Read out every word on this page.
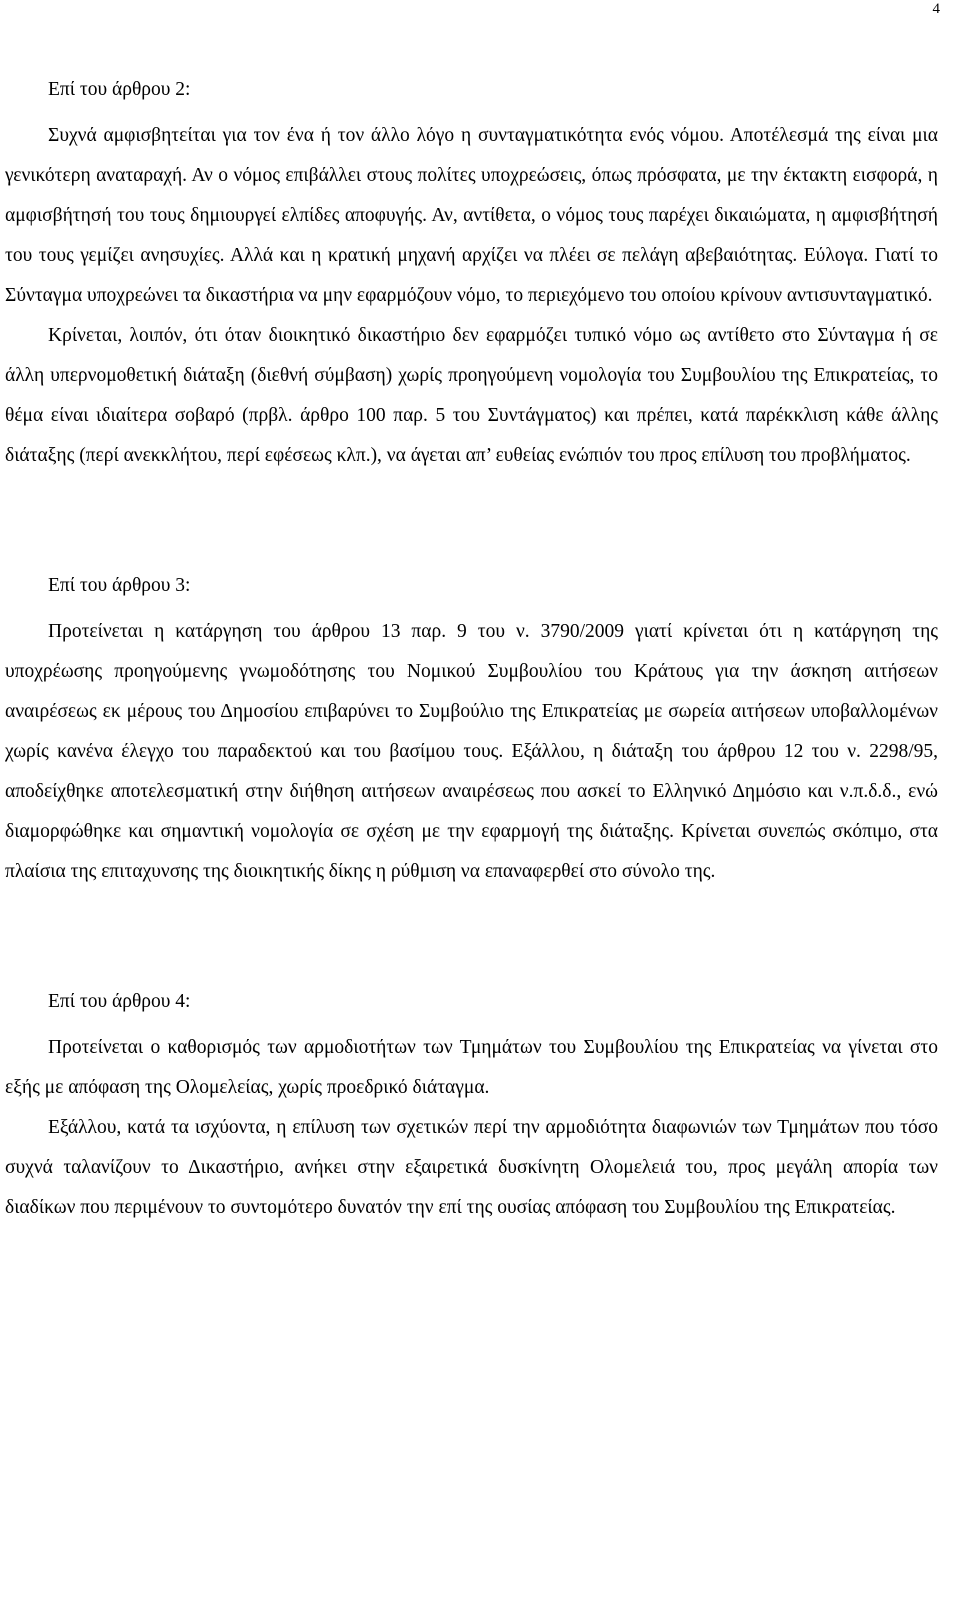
4

Επί του άρθρου 2:

Συχνά αμφισβητείται για τον ένα ή τον άλλο λόγο η συνταγματικότητα ενός νόμου. Αποτέλεσμά της είναι μια γενικότερη αναταραχή. Αν ο νόμος επιβάλλει στους πολίτες υποχρεώσεις, όπως πρόσφατα, με την έκτακτη εισφορά, η αμφισβήτησή του τους δημιουργεί ελπίδες αποφυγής. Αν, αντίθετα, ο νόμος τους παρέχει δικαιώματα, η αμφισβήτησή του τους γεμίζει ανησυχίες. Αλλά και η κρατική μηχανή αρχίζει να πλέει σε πελάγη αβεβαιότητας. Εύλογα. Γιατί το Σύνταγμα υποχρεώνει τα δικαστήρια να μην εφαρμόζουν νόμο, το περιεχόμενο του οποίου κρίνουν αντισυνταγματικό.

Κρίνεται, λοιπόν, ότι όταν διοικητικό δικαστήριο δεν εφαρμόζει τυπικό νόμο ως αντίθετο στο Σύνταγμα ή σε άλλη υπερνομοθετική διάταξη (διεθνή σύμβαση) χωρίς προηγούμενη νομολογία του Συμβουλίου της Επικρατείας, το θέμα είναι ιδιαίτερα σοβαρό (πρβλ. άρθρο 100 παρ. 5 του Συντάγματος) και πρέπει, κατά παρέκκλιση κάθε άλλης διάταξης (περί ανεκκλήτου, περί εφέσεως κλπ.), να άγεται απ’ ευθείας ενώπιόν του προς επίλυση του προβλήματος.

Επί του άρθρου 3:

Προτείνεται η κατάργηση του άρθρου 13 παρ. 9 του ν. 3790/2009 γιατί κρίνεται ότι η κατάργηση της υποχρέωσης προηγούμενης γνωμοδότησης του Νομικού Συμβουλίου του Κράτους για την άσκηση αιτήσεων αναιρέσεως εκ μέρους του Δημοσίου επιβαρύνει το Συμβούλιο της Επικρατείας με σωρεία αιτήσεων υποβαλλομένων χωρίς κανένα έλεγχο του παραδεκτού και του βασίμου τους. Εξάλλου, η διάταξη του άρθρου 12 του ν. 2298/95, αποδείχθηκε αποτελεσματική στην διήθηση αιτήσεων αναιρέσεως που ασκεί το Ελληνικό Δημόσιο και ν.π.δ.δ., ενώ διαμορφώθηκε και σημαντική νομολογία σε σχέση με την εφαρμογή της διάταξης. Κρίνεται συνεπώς σκόπιμο, στα πλαίσια της επιταχυνσης της διοικητικής δίκης η ρύθμιση να επαναφερθεί στο σύνολο της.

Επί του άρθρου 4:

Προτείνεται ο καθορισμός των αρμοδιοτήτων των Τμημάτων του Συμβουλίου της Επικρατείας να γίνεται στο εξής με απόφαση της Ολομελείας, χωρίς προεδρικό διάταγμα.

Εξάλλου, κατά τα ισχύοντα, η επίλυση των σχετικών περί την αρμοδιότητα διαφωνιών των Τμημάτων που τόσο συχνά ταλανίζουν το Δικαστήριο, ανήκει στην εξαιρετικά δυσκίνητη Ολομελειά του, προς μεγάλη απορία των διαδίκων που περιμένουν το συντομότερο δυνατόν την επί της ουσίας απόφαση του Συμβουλίου της Επικρατείας.
